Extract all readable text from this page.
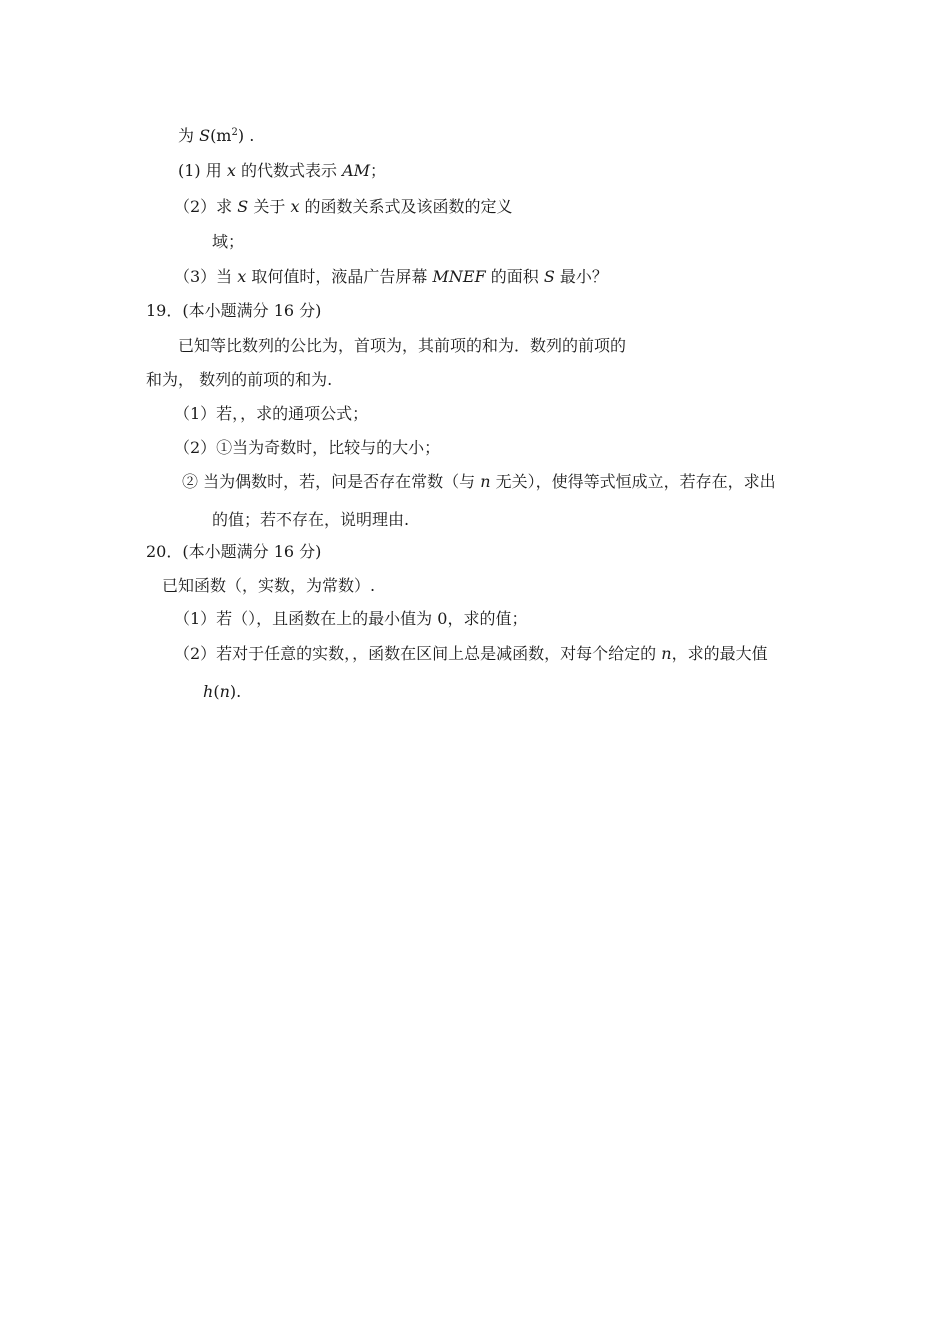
为 $S(m^2)$ .
(1) 用 x 的代数式表示 AM；
（2）求 S 关于 x 的函数关系式及该函数的定义
域；
（3）当 x 取何值时，液晶广告屏幕 MNEF 的面积 S 最小？
19．(本小题满分 16 分)
已知等比数列的公比为，首项为，其前项的和为．数列的前项的
和为， 数列的前项的和为.
（1）若，，求的通项公式；
（2）①当为奇数时，比较与的大小；
② 当为偶数时，若，问是否存在常数（与 n 无关），使得等式恒成立，若存在，求出
的值；若不存在，说明理由.
20．(本小题满分 16 分)
已知函数（，实数，为常数）.
（1）若（），且函数在上的最小值为 0，求的值；
（2）若对于任意的实数，，函数在区间上总是减函数，对每个给定的 n，求的最大值
h(n).
